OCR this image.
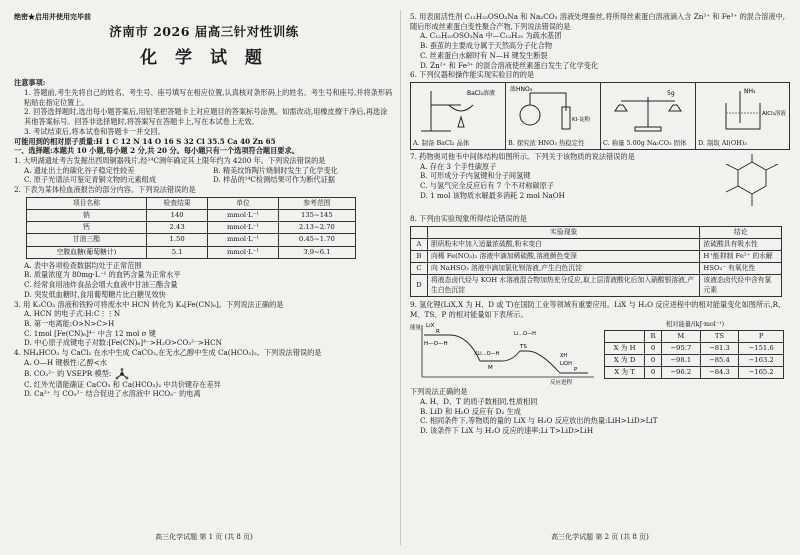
绝密★启用并使用完毕前

济南市 2026 届高三针对性训练

化 学 试 题

注意事项:

1. 答题前,考生先将自己的姓名、考生号、座号填写在相应位置,认真核对条形码上的姓名、考生号和座号,并将条形码粘贴在指定位置上。

2. 回答选择题时,选出每小题答案后,用铅笔把答题卡上对应题目的答案标号涂黑。如需改动,用橡皮擦干净后,再选涂其他答案标号。回答非选择题时,将答案写在答题卡上,写在本试卷上无效。

3. 考试结束后,将本试卷和答题卡一并交回。

可能用到的相对原子质量:H 1 C 12 N 14 O 16 S 32 Cl 35.5 Ca 40 Zn 65

一、选择题:本题共 10 小题,每小题 2 分,共 20 分。每小题只有一个选项符合题目要求。

1. 大明湖遗址考古发掘出西周铜器残片,经¹⁴C测年确定其上限年约为 4200 年。下列说法错误的是

A. 遗址出土的碳化谷子稳定性较差	B. 精美纹饰陶片烧制时发生了化学变化

C. 原子光谱法可鉴定青铜文物的元素组成	D. 样品的¹⁴C检测结果可作为断代证据

2. 下表为某体检血液报告的部分内容。下列说法错误的是

项目名称	检查结果	单位	参考范围
钠	140	mmol·L⁻¹	135~145
钙	2.43	mmol·L⁻¹	2.13~2.70
甘油三酯	1.50	mmol·L⁻¹	0.45~1.70
空腹血糖(葡萄糖计)	5.1	mmol·L⁻¹	3.9~6.1

A. 表中各项检查数据均处于正常范围

B. 质量浓度为 80mg·L⁻¹ 的血钙含量为正常水平

C. 经常食用油炸食品会增大血液中甘油三酯含量

D. 突发低血糖时,食用葡萄糖片比白糖见效快

3. 用 K₂CO₃ 溶液和铁粉可将废水中 HCN 转化为 K₄[Fe(CN)₆]。下列说法正确的是

A. HCN 的电子式:H:C⋮⋮N

B. 第一电离能:O>N>C>H

C. 1mol [Fe(CN)₆]⁴⁻ 中含 12 mol σ 键

D. 中心原子成键电子对数:[Fe(CN)₆]⁴⁻>H₂O>CO₃²⁻>HCN

4. NH₄HCO₃ 与 CaCl₂ 在水中生成 CaCO₃,在无水乙醇中生成 Ca(HCO₃)₂。下列说法错误的是

A. O—H 键极性:乙醇<水

B. CO₃²⁻ 的 VSEPR 模型:

C. 红外光谱能确证 CaCO₃ 和 Ca(HCO₃)₂ 中共价键存在差异

D. Ca²⁺ 与 CO₃²⁻ 结合促进了水溶液中 HCO₃⁻ 的电离

高三化学试题 第 1 页 (共 8 页)

5. 用表面活性剂 C₁₂H₂₅OSO₃Na 和 Na₂CO₃ 溶液处理蚕丝,将所得丝素蛋白溶液滴入含 Zn²⁺ 和 Fe³⁺ 的混合溶液中,随后形成丝素蛋白变性聚合产物,下列说法错误的是

A. C₁₂H₂₅OSO₃Na 中—C₁₂H₂₅ 为疏水基团

B. 蚕茧的主要成分属于天然高分子化合物

C. 丝素蛋白水解时有 N—H 键发生断裂

D. Zn²⁺ 和 Fe³⁺ 的混合溶液使丝素蛋白发生了化学变化

6. 下列仪器和操作能实现实验目的的是

BaCl₂溶液
A. 制备 BaCl₂ 晶体
浓HNO₃
KI-淀粉
B. 探究浓 HNO₃ 热稳定性
5g
C. 称量 5.00g Na₂CO₃ 固体
NH₃
AlCl₃溶液
D. 制取 Al(OH)₃

7. 药物奥司他韦中间体结构如图所示。下列关于该物质的说法错误的是

A. 存在 3 个手性碳原子

B. 可形成分子内氢键和分子间氢键

C. 与氢气完全反应后有 7 个不对称碳原子

D. 1 mol 该物质水解最多消耗 2 mol NaOH

8. 下列由实验现象所得结论错误的是

	实验现象	结论
A	胆矾粉末中加入适量浓硫酸,粉末变白	浓硫酸具有吸水性
B	向稀 Fe(NO₃)₂ 溶液中滴加稀硫酸,溶液颜色变深	H⁺能抑制 Fe²⁺ 的水解
C	向 NaHSO₃ 溶液中滴加氯化钡溶液,产生白色沉淀	HSO₃⁻ 有氧化性
D	将液态卤代烃与 KOH 水溶液混合物加热充分反应,取上层清液酸化后加入硝酸银溶液,产生白色沉淀	该液态卤代烃中含有氯元素

9. 氢化锂(LiX,X 为 H、D 或 T)在国防工业等领域有重要应用。LiX 与 H₂O 反应进程中的相对能量变化如图所示,R、M、TS、P 的相对能量如下表所示。

能量 LiX
H—O—H
R
M
TS
P
XLi…O—H
Li…O—H
XH
LiOH
反应进程

相对能量/(kJ·mol⁻¹)

	R	M	TS	P
X 为 H	0	−95.7	−81.3	−151.6
X 为 D	0	−98.1	−85.4	−163.2
X 为 T	0	−96.2	−84.3	−165.2

下列说法正确的是

A. H、D、T 的质子数相同,性质相同

B. LiD 和 H₂O 反应有 D₂ 生成

C. 相同条件下,等物质的量的 LiX 与 H₂O 反应放出的热量:LiH>LiD>LiT

D. 该条件下 LiX 与 H₂O 反应的速率:Li T>LiD>LiH

高三化学试题 第 2 页 (共 8 页)
